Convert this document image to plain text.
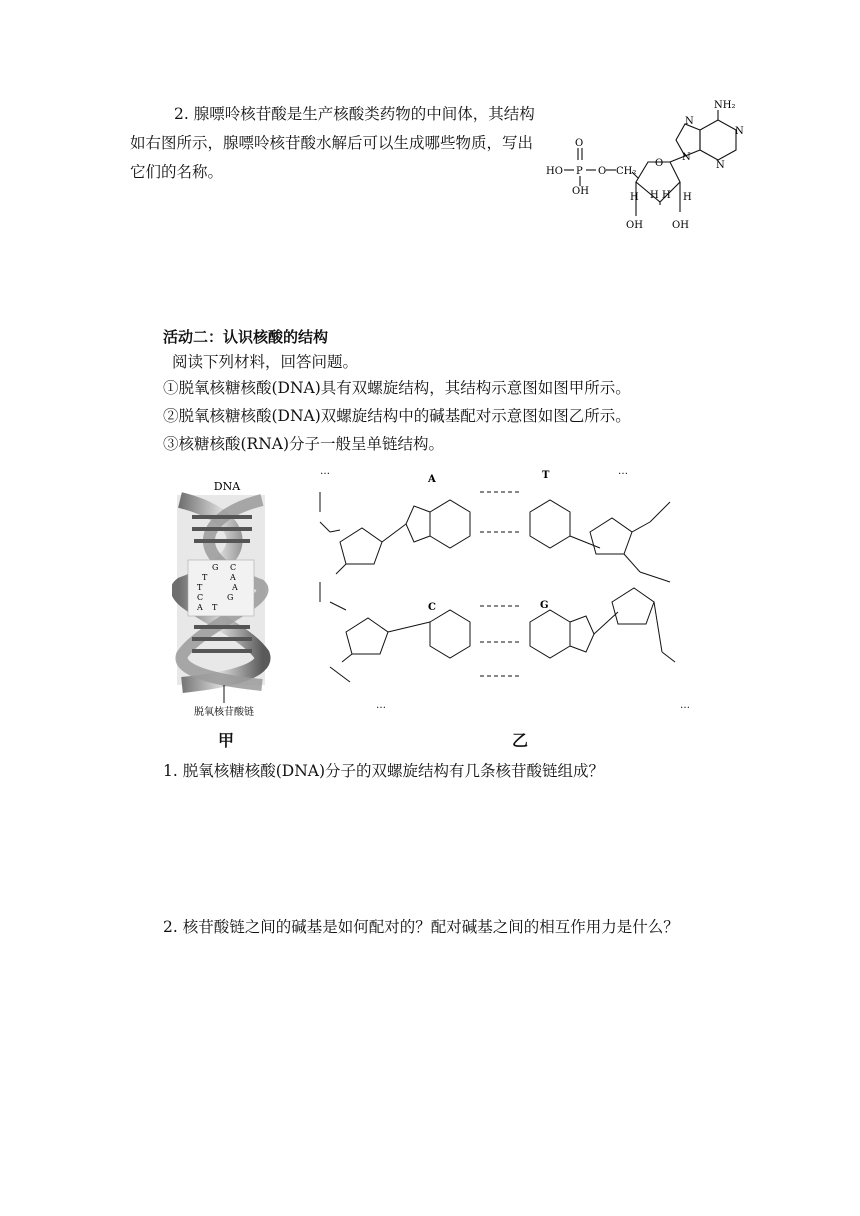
2. 腺嘌呤核苷酸是生产核酸类药物的中间体，其结构如右图所示，腺嘌呤核苷酸水解后可以生成哪些物质，写出它们的名称。

NH₂
O
HO P
OH
O CH₂
O
N
N
N
N
OH	OH
H	H
H H

活动二：认识核酸的结构

阅读下列材料，回答问题。

①脱氧核糖核酸(DNA)具有双螺旋结构，其结构示意图如图甲所示。

②脱氧核糖核酸(DNA)双螺旋结构中的碱基配对示意图如图乙所示。

③核糖核酸(RNA)分子一般呈单链结构。

DNA
G C
T	A
T	A
C	G
A T
脱氧核苷酸链

甲

A	T
C	G
…	…
…	…

乙

1. 脱氧核糖核酸(DNA)分子的双螺旋结构有几条核苷酸链组成？

2. 核苷酸链之间的碱基是如何配对的？配对碱基之间的相互作用力是什么？
